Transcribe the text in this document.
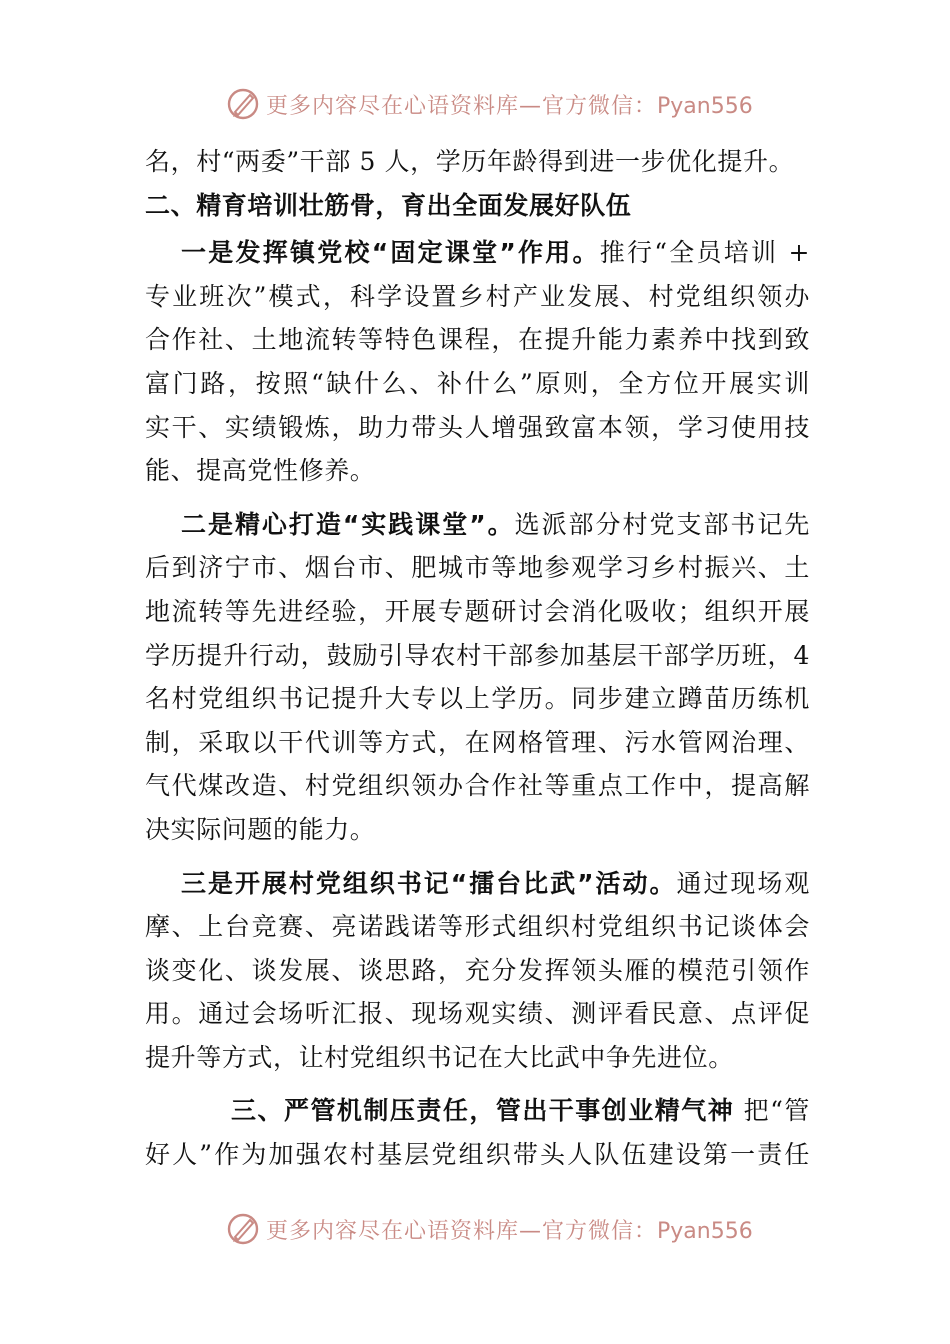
更多内容尽在心语资料库—官方微信：Pyan556
名，村“两委”干部 5 人，学历年龄得到进一步优化提升。
二、精育培训壮筋骨，育出全面发展好队伍
一是发挥镇党校“固定课堂”作用。推行“全员培训 +
专业班次”模式，科学设置乡村产业发展、村党组织领办
合作社、土地流转等特色课程，在提升能力素养中找到致
富门路，按照“缺什么、补什么”原则，全方位开展实训
实干、实绩锻炼，助力带头人增强致富本领，学习使用技
能、提高党性修养。
二是精心打造“实践课堂”。选派部分村党支部书记先
后到济宁市、烟台市、肥城市等地参观学习乡村振兴、土
地流转等先进经验，开展专题研讨会消化吸收；组织开展
学历提升行动，鼓励引导农村干部参加基层干部学历班，4
名村党组织书记提升大专以上学历。同步建立蹲苗历练机
制，采取以干代训等方式，在网格管理、污水管网治理、
气代煤改造、村党组织领办合作社等重点工作中，提高解
决实际问题的能力。
三是开展村党组织书记“擂台比武”活动。通过现场观
摩、上台竞赛、亮诺践诺等形式组织村党组织书记谈体会
谈变化、谈发展、谈思路，充分发挥领头雁的模范引领作
用。通过会场听汇报、现场观实绩、测评看民意、点评促
提升等方式，让村党组织书记在大比武中争先进位。
三、严管机制压责任，管出干事创业精气神 把“管
好人”作为加强农村基层党组织带头人队伍建设第一责任
更多内容尽在心语资料库—官方微信：Pyan556
